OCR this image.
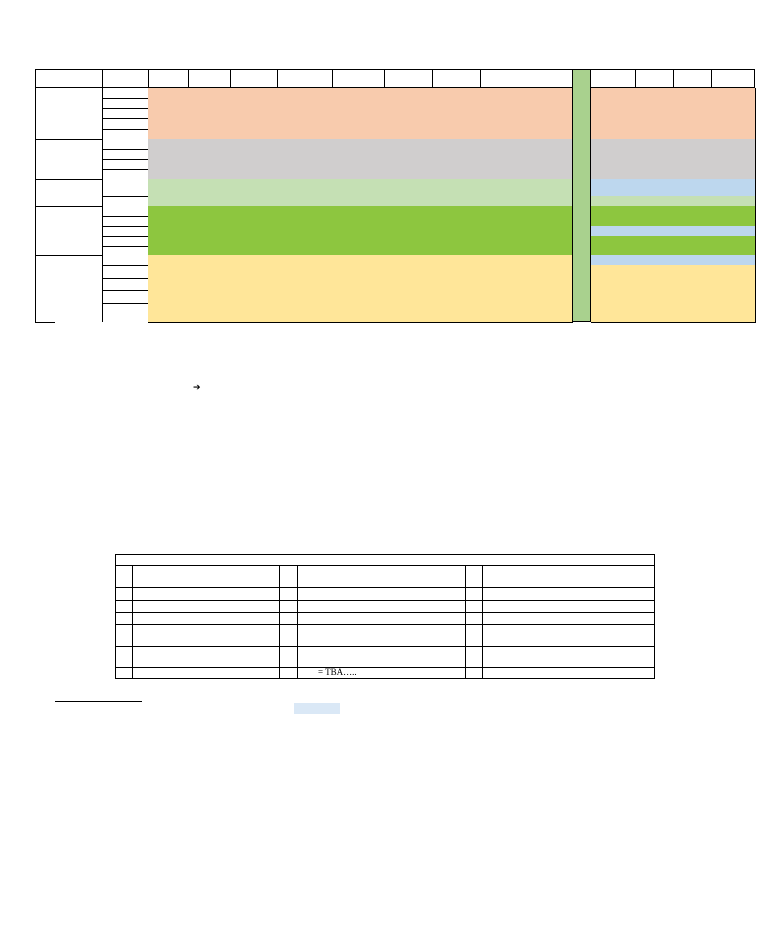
➔
= TBA…..
